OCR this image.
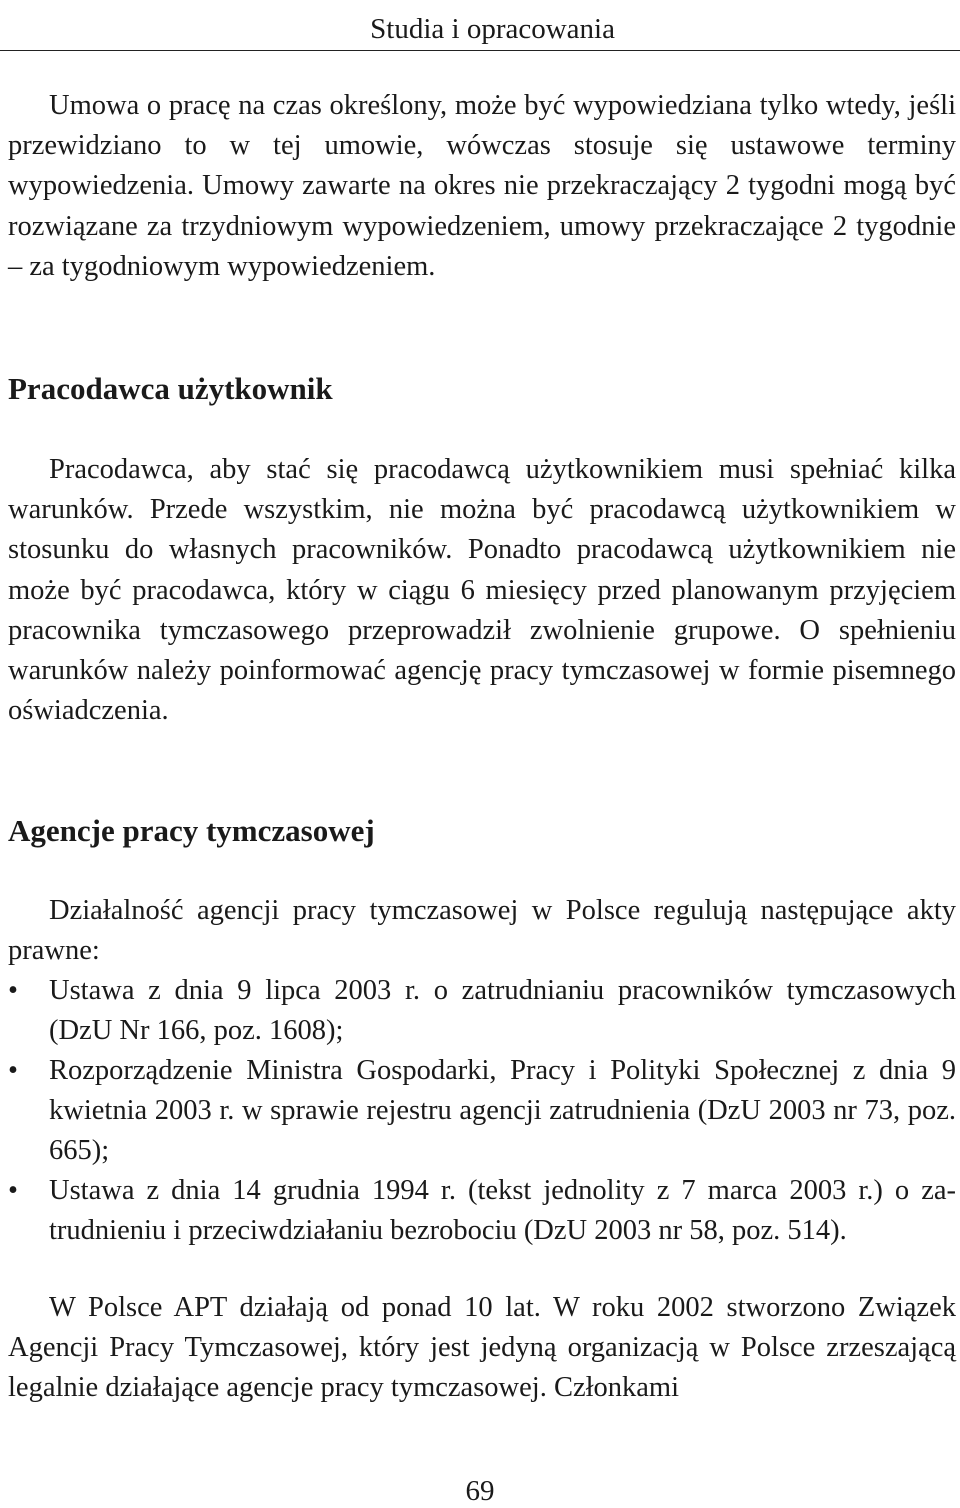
Studia i opracowania

Umowa o pracę na czas określony, może być wypowiedziana tylko wtedy, jeśli przewidziano to w tej umowie, wówczas stosuje się ustawowe terminy wypowiedzenia. Umowy zawarte na okres nie przekraczający 2 tygodni mogą być rozwiązane za trzydniowym wypowiedzeniem, umowy przekraczające 2 tygodnie – za tygodniowym wypowiedzeniem.

Pracodawca użytkownik

Pracodawca, aby stać się pracodawcą użytkownikiem musi spełniać kilka warunków. Przede wszystkim, nie można być pracodawcą użytkownikiem w stosunku do własnych pracowników. Ponadto pracodawcą użytkownikiem nie może być pracodawca, który w ciągu 6 miesięcy przed planowanym przyjęciem pracownika tymczasowego przeprowadził zwolnienie grupowe. O spełnieniu warunków należy poinformować agencję pracy tymczasowej w formie pisemnego oświadczenia.

Agencje pracy tymczasowej

Działalność agencji pracy tymczasowej w Polsce regulują następujące akty prawne:

•	Ustawa z dnia 9 lipca 2003 r. o zatrudnianiu pracowników tymczasowych (DzU Nr 166, poz. 1608);
•	Rozporządzenie Ministra Gospodarki, Pracy i Polityki Społecznej z dnia 9 kwietnia 2003 r. w sprawie rejestru agencji zatrudnienia (DzU 2003 nr 73, poz. 665);
•	Ustawa z dnia 14 grudnia 1994 r. (tekst jednolity z 7 marca 2003 r.) o zatrudnieniu i przeciwdziałaniu bezrobociu (DzU 2003 nr 58, poz. 514).

W Polsce APT działają od ponad 10 lat. W roku 2002 stworzono Związek Agencji Pracy Tymczasowej, który jest jedyną organizacją w Polsce zrzeszającą legalnie działające agencje pracy tymczasowej. Członkami

69
